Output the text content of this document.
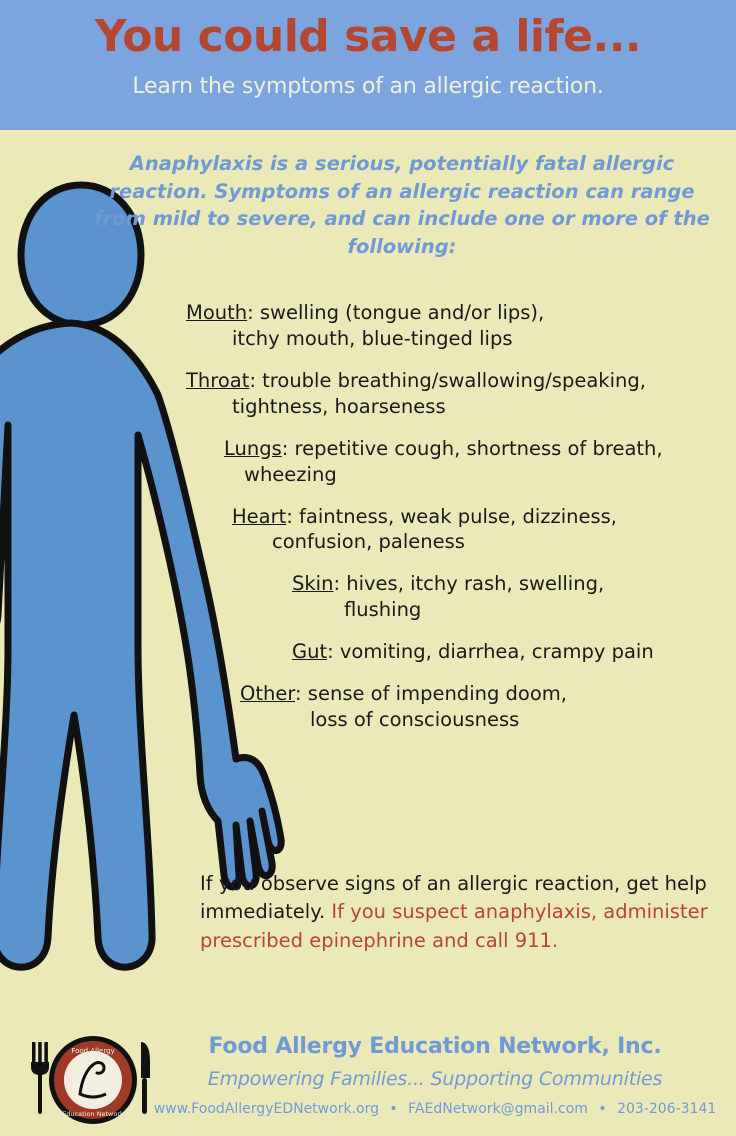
You could save a life...
Learn the symptoms of an allergic reaction.
Anaphylaxis is a serious, potentially fatal allergic reaction. Symptoms of an allergic reaction can range from mild to severe, and can include one or more of the following:
Mouth: swelling (tongue and/or lips),
itchy mouth, blue-tinged lips
Throat: trouble breathing/swallowing/speaking,
tightness, hoarseness
Lungs: repetitive cough, shortness of breath,
wheezing
Heart: faintness, weak pulse, dizziness,
confusion, paleness
Skin: hives, itchy rash, swelling,
flushing
Gut: vomiting, diarrhea, crampy pain
Other: sense of impending doom,
loss of consciousness
If you observe signs of an allergic reaction, get help immediately. If you suspect anaphylaxis, administer prescribed epinephrine and call 911.
Food Allergy
Education Network
Food Allergy Education Network, Inc.
Empowering Families... Supporting Communities
www.FoodAllergyEDNetwork.org • FAEdNetwork@gmail.com • 203-206-3141
